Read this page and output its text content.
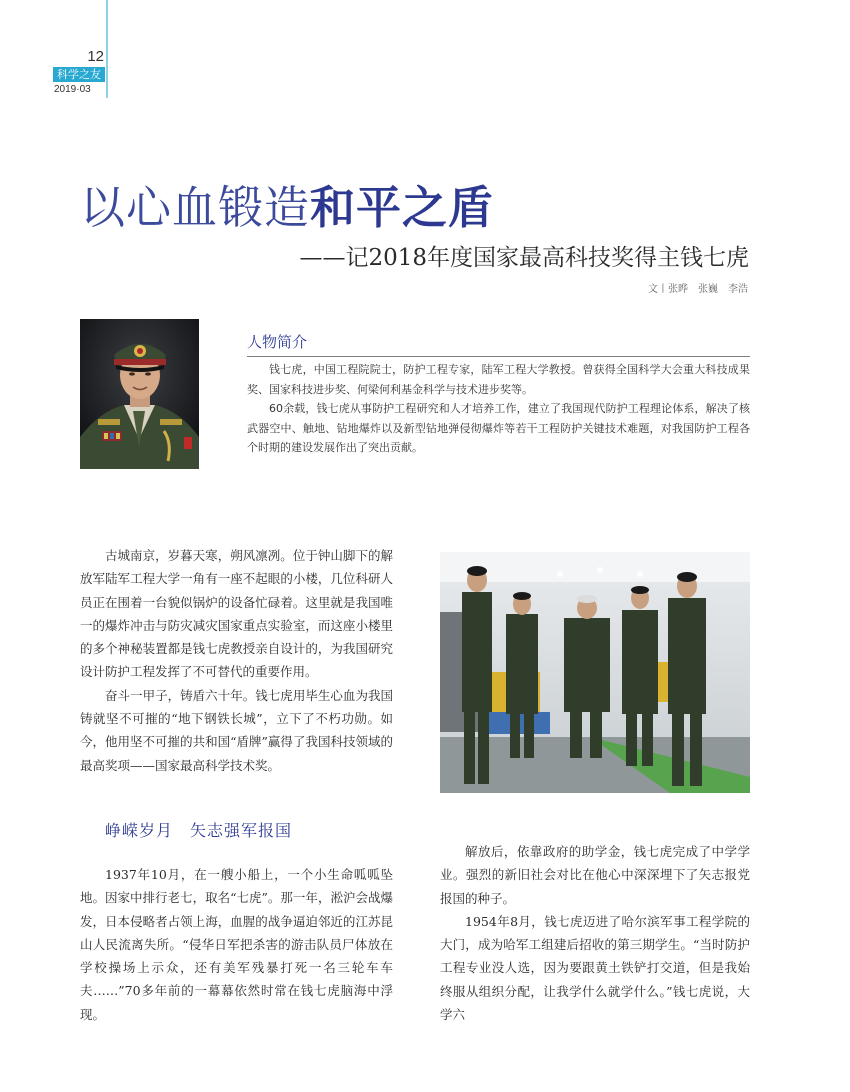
12
科学之友
2019·03
以心血锻造和平之盾
——记2018年度国家最高科技奖得主钱七虎
文丨张晔　张巍　李浩
人物简介

钱七虎，中国工程院院士，防护工程专家，陆军工程大学教授。曾获得全国科学大会重大科技成果奖、国家科技进步奖、何梁何利基金科学与技术进步奖等。

60余载，钱七虎从事防护工程研究和人才培养工作，建立了我国现代防护工程理论体系，解决了核武器空中、触地、钻地爆炸以及新型钻地弹侵彻爆炸等若干工程防护关键技术难题，对我国防护工程各个时期的建设发展作出了突出贡献。

古城南京，岁暮天寒，朔风凛冽。位于钟山脚下的解放军陆军工程大学一角有一座不起眼的小楼，几位科研人员正在围着一台貌似锅炉的设备忙碌着。这里就是我国唯一的爆炸冲击与防灾减灾国家重点实验室，而这座小楼里的多个神秘装置都是钱七虎教授亲自设计的，为我国研究设计防护工程发挥了不可替代的重要作用。

奋斗一甲子，铸盾六十年。钱七虎用毕生心血为我国铸就坚不可摧的“地下钢铁长城”，立下了不朽功勋。如今，他用坚不可摧的共和国“盾牌”赢得了我国科技领域的最高奖项——国家最高科学技术奖。

峥嵘岁月　矢志强军报国

1937年10月，在一艘小船上，一个小生命呱呱坠地。因家中排行老七，取名“七虎”。那一年，淞沪会战爆发，日本侵略者占领上海，血腥的战争逼迫邻近的江苏昆山人民流离失所。“侵华日军把杀害的游击队员尸体放在学校操场上示众，还有美军残暴打死一名三轮车车夫……”70多年前的一幕幕依然时常在钱七虎脑海中浮现。

解放后，依靠政府的助学金，钱七虎完成了中学学业。强烈的新旧社会对比在他心中深深埋下了矢志报党报国的种子。

1954年8月，钱七虎迈进了哈尔滨军事工程学院的大门，成为哈军工组建后招收的第三期学生。“当时防护工程专业没人选，因为要跟黄土铁铲打交道，但是我始终服从组织分配，让我学什么就学什么。”钱七虎说，大学六
